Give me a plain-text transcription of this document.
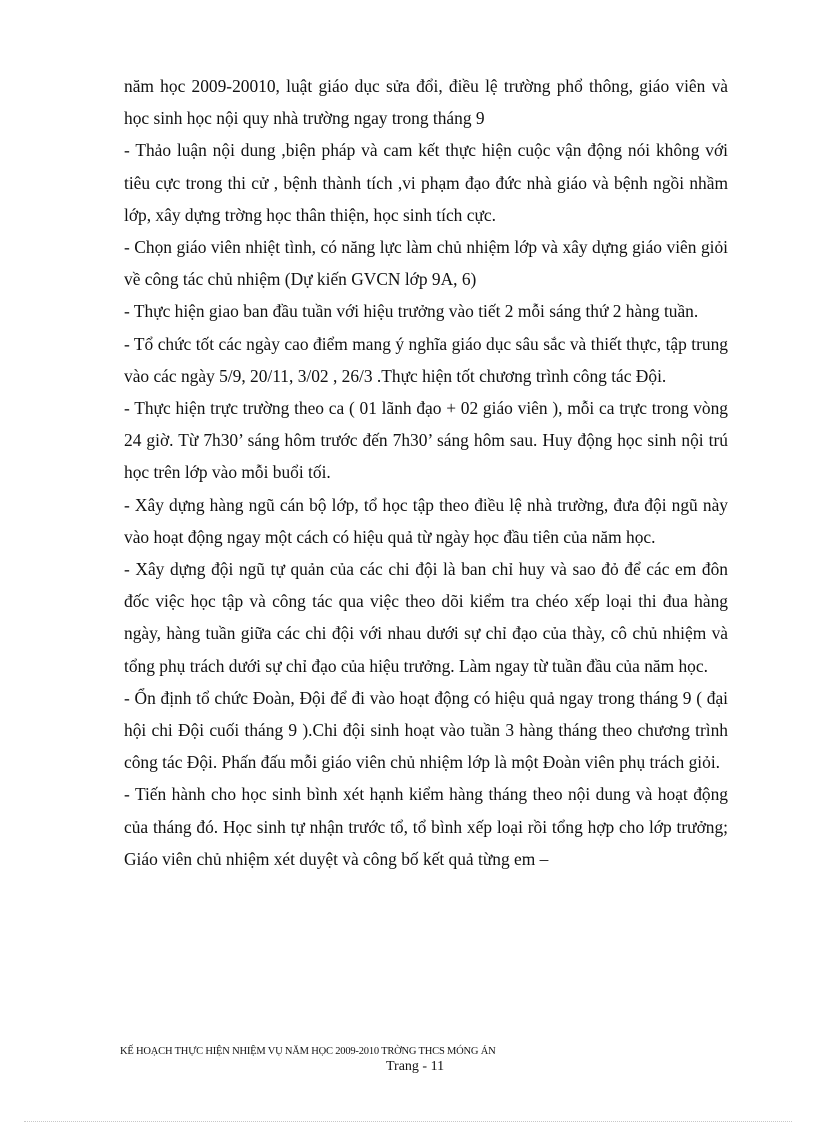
năm học 2009-20010, luật giáo dục sửa đổi, điều lệ trường phổ thông, giáo viên và học sinh học nội quy nhà trường ngay trong tháng 9

- Thảo luận nội dung ,biện pháp và cam kết thực hiện cuộc vận động nói không với tiêu cực trong thi cử , bệnh thành tích ,vi phạm đạo đức nhà giáo và bệnh ngồi nhầm lớp, xây dựng trờng học thân thiện, học sinh tích cực.

- Chọn giáo viên nhiệt tình, có năng lực làm chủ nhiệm lớp và xây dựng giáo viên giỏi về công tác chủ nhiệm (Dự kiến GVCN lớp 9A, 6)

- Thực hiện giao ban đầu tuần với hiệu trưởng vào tiết 2 mỗi sáng thứ 2 hàng tuần.

- Tổ chức tốt các ngày cao điểm mang ý nghĩa giáo dục sâu sắc và thiết thực, tập trung vào các ngày 5/9, 20/11, 3/02 , 26/3 .Thực hiện tốt chương trình công tác Đội.

- Thực hiện trực trường theo ca ( 01 lãnh đạo + 02 giáo viên ), mỗi ca trực trong vòng 24 giờ. Từ 7h30’ sáng hôm trước đến 7h30’ sáng hôm sau. Huy động học sinh nội trú học trên lớp vào mỗi buổi tối.

- Xây dựng hàng ngũ cán bộ lớp, tổ học tập theo điều lệ nhà trường, đưa đội ngũ này vào hoạt động ngay một cách có hiệu quả từ ngày học đầu tiên của năm học.

- Xây dựng đội ngũ tự quản của các chi đội là ban chỉ huy và sao đỏ để các em đôn đốc việc học tập và công tác qua việc theo dõi kiểm tra chéo xếp loại thi đua hàng ngày, hàng tuần giữa các chi đội với nhau dưới sự chỉ đạo của thày, cô chủ nhiệm và tổng phụ trách dưới sự chỉ đạo của hiệu trưởng. Làm ngay từ tuần đầu của năm học.

- Ổn định tổ chức Đoàn, Đội để đi vào hoạt động có hiệu quả ngay trong tháng 9 ( đại hội chi Đội cuối tháng 9 ).Chi đội sinh hoạt vào tuần 3 hàng tháng theo chương trình công tác Đội. Phấn đấu mỗi giáo viên chủ nhiệm lớp là một Đoàn viên phụ trách giỏi.

- Tiến hành cho học sinh bình xét hạnh kiểm hàng tháng theo nội dung và hoạt động của tháng đó. Học sinh tự nhận trước tổ, tổ bình xếp loại rồi tổng hợp cho lớp trưởng; Giáo viên chủ nhiệm xét duyệt và công bố kết quả từng em –

KẾ HOẠCH THỰC HIỆN NHIỆM VỤ NĂM HỌC 2009-2010 TRỜNG THCS MÓNG ÁN
Trang - 11
